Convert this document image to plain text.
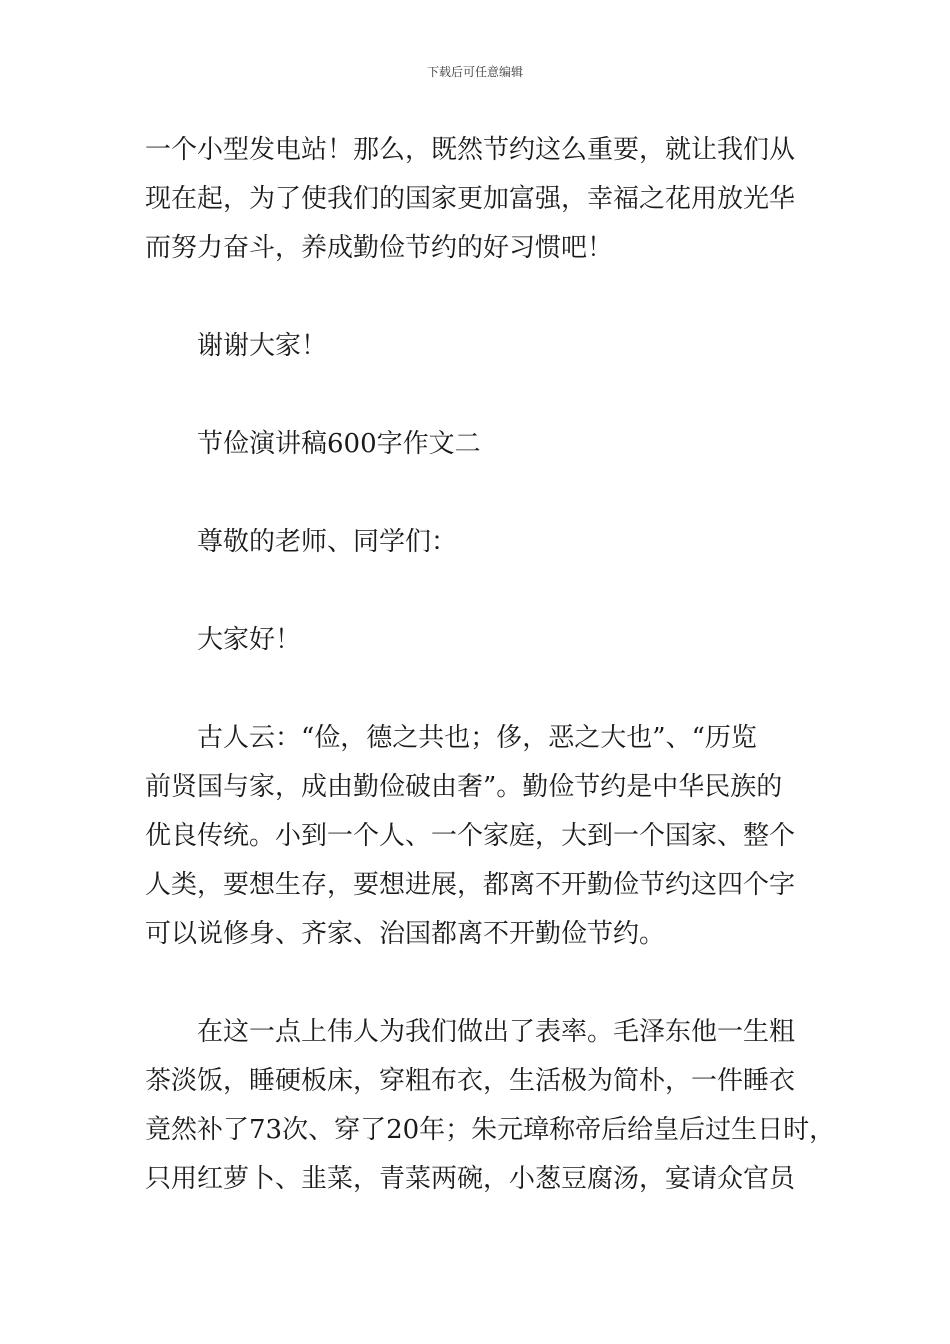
下载后可任意编辑
一个小型发电站！那么，既然节约这么重要，就让我们从
现在起，为了使我们的国家更加富强，幸福之花用放光华
而努力奋斗，养成勤俭节约的好习惯吧！
谢谢大家！
节俭演讲稿600字作文二
尊敬的老师、同学们：
大家好！
古人云：“俭，德之共也；侈，恶之大也”、“历览
前贤国与家，成由勤俭破由奢”。勤俭节约是中华民族的
优良传统。小到一个人、一个家庭，大到一个国家、整个
人类，要想生存，要想进展，都离不开勤俭节约这四个字
可以说修身、齐家、治国都离不开勤俭节约。
在这一点上伟人为我们做出了表率。毛泽东他一生粗
茶淡饭，睡硬板床，穿粗布衣，生活极为简朴，一件睡衣
竟然补了73次、穿了20年；朱元璋称帝后给皇后过生日时，
只用红萝卜、韭菜，青菜两碗，小葱豆腐汤，宴请众官员
